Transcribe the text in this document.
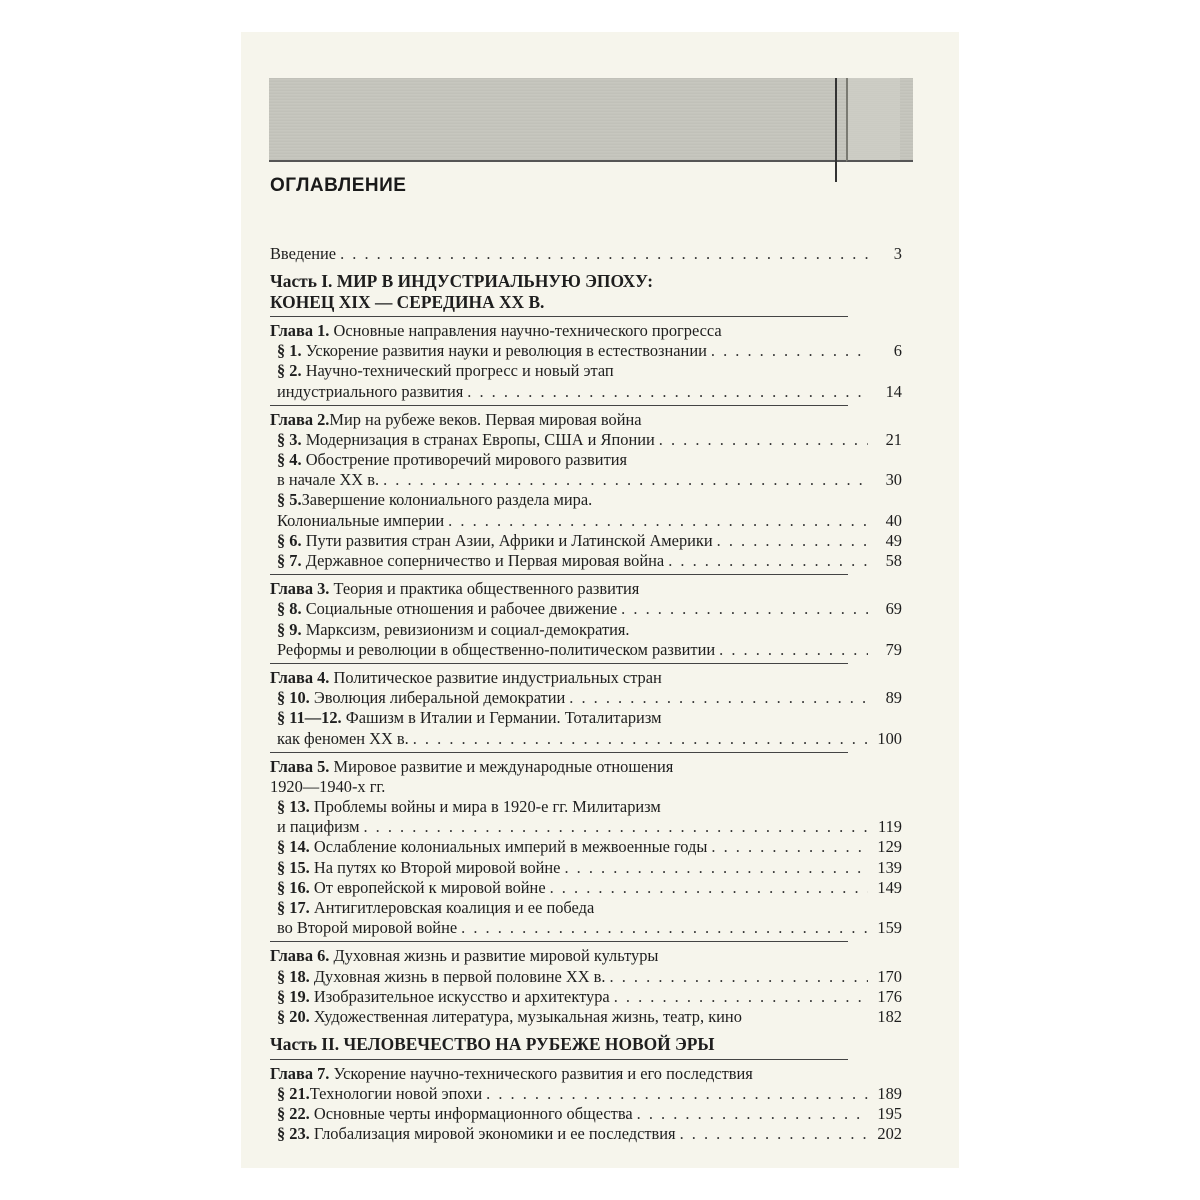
ОГЛАВЛЕНИЕ
Введение . . .	3
Часть I. МИР В ИНДУСТРИАЛЬНУЮ ЭПОХУ:
КОНЕЦ XIX — СЕРЕДИНА XX В.
Глава 1. Основные направления научно-технического прогресса
§ 1. Ускорение развития науки и революция в естествознании . . .	6
§ 2. Научно-технический прогресс и новый этап
индустриального развития . . .	14
Глава 2.Мир на рубеже веков. Первая мировая война
§ 3. Модернизация в странах Европы, США и Японии . . .	21
§ 4. Обострение противоречий мирового развития
в начале XX в. . . .	30
§ 5.Завершение колониального раздела мира.
Колониальные империи . . .	40
§ 6. Пути развития стран Азии, Африки и Латинской Америки . . .	49
§ 7. Державное соперничество и Первая мировая война . . .	58
Глава 3. Теория и практика общественного развития
§ 8. Социальные отношения и рабочее движение . . .	69
§ 9. Марксизм, ревизионизм и социал-демократия.
Реформы и революции в общественно-политическом развитии . . .	79
Глава 4. Политическое развитие индустриальных стран
§ 10. Эволюция либеральной демократии . . .	89
§ 11—12. Фашизм в Италии и Германии. Тоталитаризм
как феномен XX в. . . .	100
Глава 5. Мировое развитие и международные отношения
1920—1940-х гг.
§ 13. Проблемы войны и мира в 1920-е гг. Милитаризм
и пацифизм . . .	119
§ 14. Ослабление колониальных империй в межвоенные годы . . .	129
§ 15. На путях ко Второй мировой войне . . .	139
§ 16. От европейской к мировой войне . . .	149
§ 17. Антигитлеровская коалиция и ее победа
во Второй мировой войне . . .	159
Глава 6. Духовная жизнь и развитие мировой культуры
§ 18. Духовная жизнь в первой половине XX в. . . .	170
§ 19. Изобразительное искусство и архитектура . . .	176
§ 20. Художественная литература, музыкальная жизнь, театр, кино	182
Часть II. ЧЕЛОВЕЧЕСТВО НА РУБЕЖЕ НОВОЙ ЭРЫ
Глава 7. Ускорение научно-технического развития и его последствия
§ 21.Технологии новой эпохи . . .	189
§ 22. Основные черты информационного общества . . .	195
§ 23. Глобализация мировой экономики и ее последствия . . .	202
